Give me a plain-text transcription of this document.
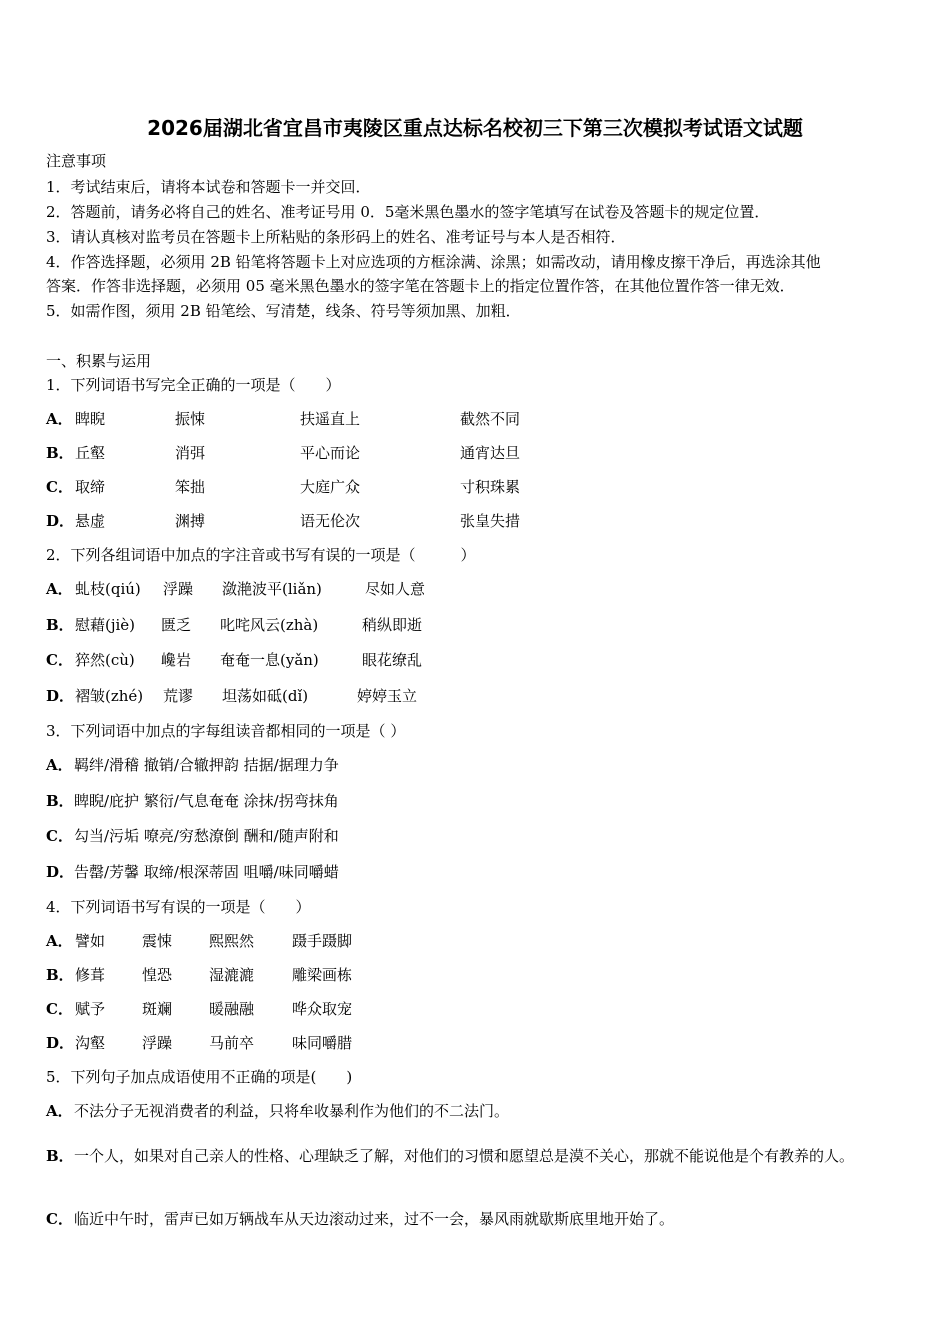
2026届湖北省宜昌市夷陵区重点达标名校初三下第三次模拟考试语文试题
注意事项
1．考试结束后，请将本试卷和答题卡一并交回．
2．答题前，请务必将自己的姓名、准考证号用 0．5毫米黑色墨水的签字笔填写在试卷及答题卡的规定位置．
3．请认真核对监考员在答题卡上所粘贴的条形码上的姓名、准考证号与本人是否相符．
4．作答选择题，必须用 2B 铅笔将答题卡上对应选项的方框涂满、涂黑；如需改动，请用橡皮擦干净后，再选涂其他
答案．作答非选择题，必须用 05 毫米黑色墨水的签字笔在答题卡上的指定位置作答，在其他位置作答一律无效．
5．如需作图，须用 2B 铅笔绘、写清楚，线条、符号等须加黑、加粗．
一、积累与运用
1．下列词语书写完全正确的一项是（　　）
A． 睥睨	振悚	扶遥直上	截然不同
B． 丘壑	消弭	平心而论	通宵达旦
C． 取缔	笨拙	大庭广众	寸积珠累
D． 悬虚	渊搏	语无伦次	张皇失措
2．下列各组词语中加点的字注音或书写有误的一项是（　　　）
A． 虬枝(qiú) 浮躁 潋滟波平(liǎn)	尽如人意
B． 慰藉(jiè) 匮乏 叱咤风云(zhà)	稍纵即逝
C． 猝然(cù) 巉岩 奄奄一息(yǎn)	眼花缭乱
D． 褶皱(zhé) 荒谬 坦荡如砥(dǐ)	婷婷玉立
3．下列词语中加点的字每组读音都相同的一项是（ ）
A．羁绊/滑稽 撤销/合辙押韵 拮据/据理力争
B．睥睨/庇护 繁衍/气息奄奄 涂抹/拐弯抹角
C．勾当/污垢 嘹亮/穷愁潦倒 酬和/随声附和
D．告罄/芳馨 取缔/根深蒂固 咀嚼/味同嚼蜡
4．下列词语书写有误的一项是（　　）
A． 譬如 震悚 熙熙然	蹑手蹑脚
B． 修葺 惶恐 湿漉漉	雕梁画栋
C． 赋予 斑斓 暖融融	哗众取宠
D． 沟壑 浮躁 马前卒	味同嚼腊
5．下列句子加点成语使用不正确的项是(　　)
A．不法分子无视消费者的利益，只将牟收暴利作为他们的不二法门。
B．一个人，如果对自己亲人的性格、心理缺乏了解，对他们的习惯和愿望总是漠不关心，那就不能说他是个有教养的人。
C．临近中午时，雷声已如万辆战车从天边滚动过来，过不一会，暴风雨就歇斯底里地开始了。
